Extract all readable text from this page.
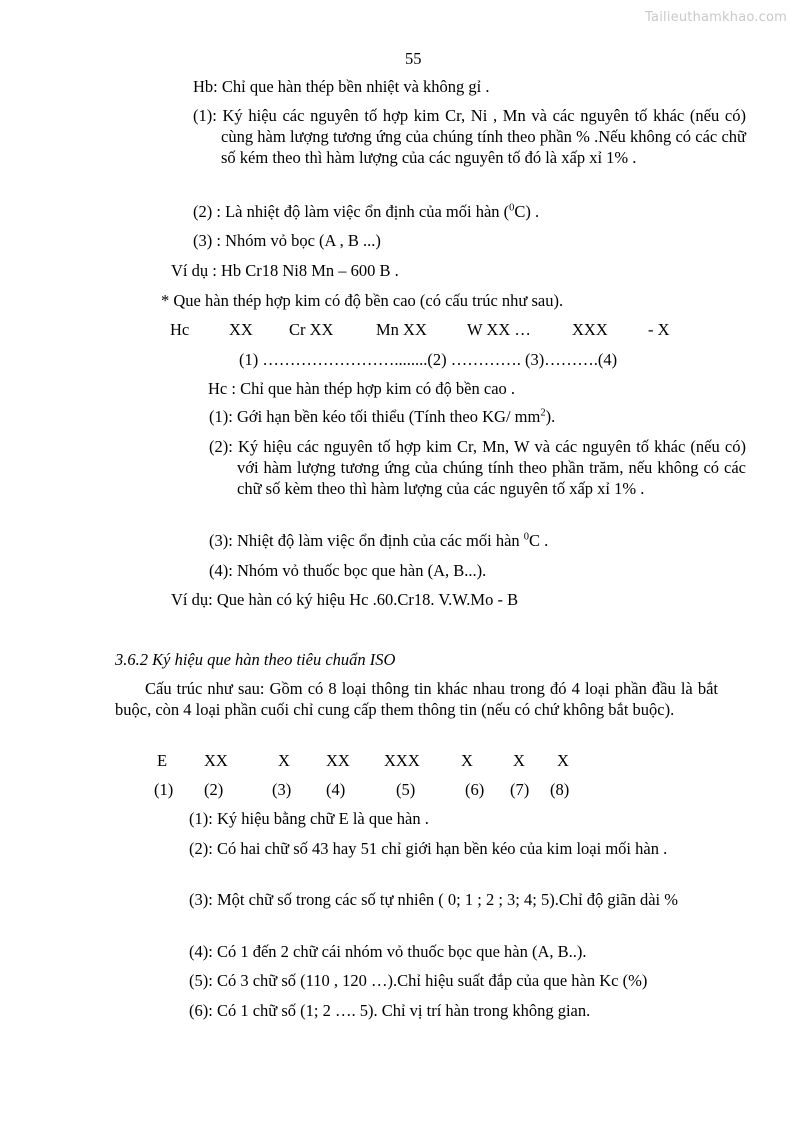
Tailieuthamkhao.com
55
Hb: Chỉ que hàn thép bền nhiệt và không gỉ .
(1): Ký hiệu các nguyên tố hợp kim Cr, Ni , Mn và các nguyên tố khác (nếu có) cùng hàm lượng tương ứng của chúng tính theo phần % .Nếu không có các chữ số kém theo thì hàm lượng của các nguyên tố đó là xấp xỉ 1% .
(2) : Là nhiệt độ làm việc ổn định của mối hàn ($^0$C) .
(3) : Nhóm vỏ bọc (A , B ...)
Ví dụ : Hb Cr18 Ni8 Mn – 600 B .
* Que hàn thép hợp kim có độ bền cao (có cấu trúc như sau).
Hc XX Cr XX	Mn XX W XX … XXX - X
(1) ……………………........(2) …………. (3)……….(4)
Hc : Chỉ que hàn thép hợp kim có độ bền cao .
(1): Gới hạn bền kéo tối thiểu (Tính theo KG/ $mm^2$).
(2): Ký hiệu các nguyên tố hợp kim Cr, Mn, W và các nguyên tố khác (nếu có) với hàm lượng tương ứng của chúng tính theo phần trăm, nếu không có các chữ số kèm theo thì hàm lượng của các nguyên tố xấp xỉ 1% .
(3): Nhiệt độ làm việc ổn định của các mối hàn $^0$C .
(4): Nhóm vỏ thuốc bọc que hàn (A, B...).
Ví dụ: Que hàn có ký hiệu Hc .60.Cr18. V.W.Mo - B
3.6.2 Ký hiệu que hàn theo tiêu chuẩn ISO
Cấu trúc như sau: Gồm có 8 loại thông tin khác nhau trong đó 4 loại phần đầu là bắt buộc, còn 4 loại phần cuối chỉ cung cấp them thông tin (nếu có chứ không bắt buộc).
E XX	X XX XXX	X X X
(1) (2)	(3) (4)	(5)	(6) (7) (8)
(1): Ký hiệu bằng chữ E là que hàn .
(2): Có hai chữ số 43 hay 51 chỉ giới hạn bền kéo của kim loại mối hàn .
(3): Một chữ số trong các số tự nhiên ( 0; 1 ; 2 ; 3; 4; 5).Chỉ độ giãn dài %
(4): Có 1 đến 2 chữ cái nhóm vỏ thuốc bọc que hàn (A, B..).
(5): Có 3 chữ số (110 , 120 …).Chỉ hiệu suất đắp của que hàn Kc (%)
(6): Có 1 chữ số (1; 2 …. 5). Chỉ vị trí hàn trong không gian.
